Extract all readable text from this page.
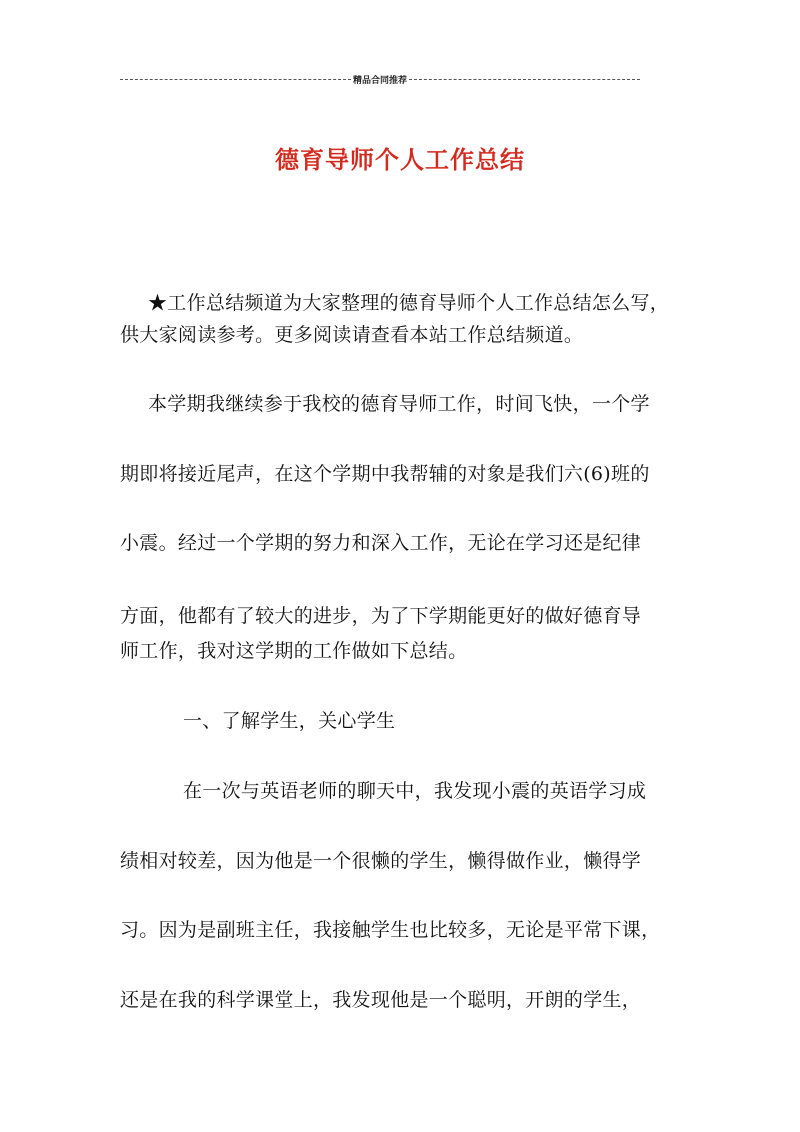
精品合同推荐
德育导师个人工作总结
★工作总结频道为大家整理的德育导师个人工作总结怎么写，
供大家阅读参考。更多阅读请查看本站工作总结频道。
本学期我继续参于我校的德育导师工作，时间飞快，一个学
期即将接近尾声，在这个学期中我帮辅的对象是我们六(6)班的
小震。经过一个学期的努力和深入工作，无论在学习还是纪律
方面，他都有了较大的进步，为了下学期能更好的做好德育导
师工作，我对这学期的工作做如下总结。
一、了解学生，关心学生
在一次与英语老师的聊天中，我发现小震的英语学习成
绩相对较差，因为他是一个很懒的学生，懒得做作业，懒得学
习。因为是副班主任，我接触学生也比较多，无论是平常下课，
还是在我的科学课堂上，我发现他是一个聪明，开朗的学生，
